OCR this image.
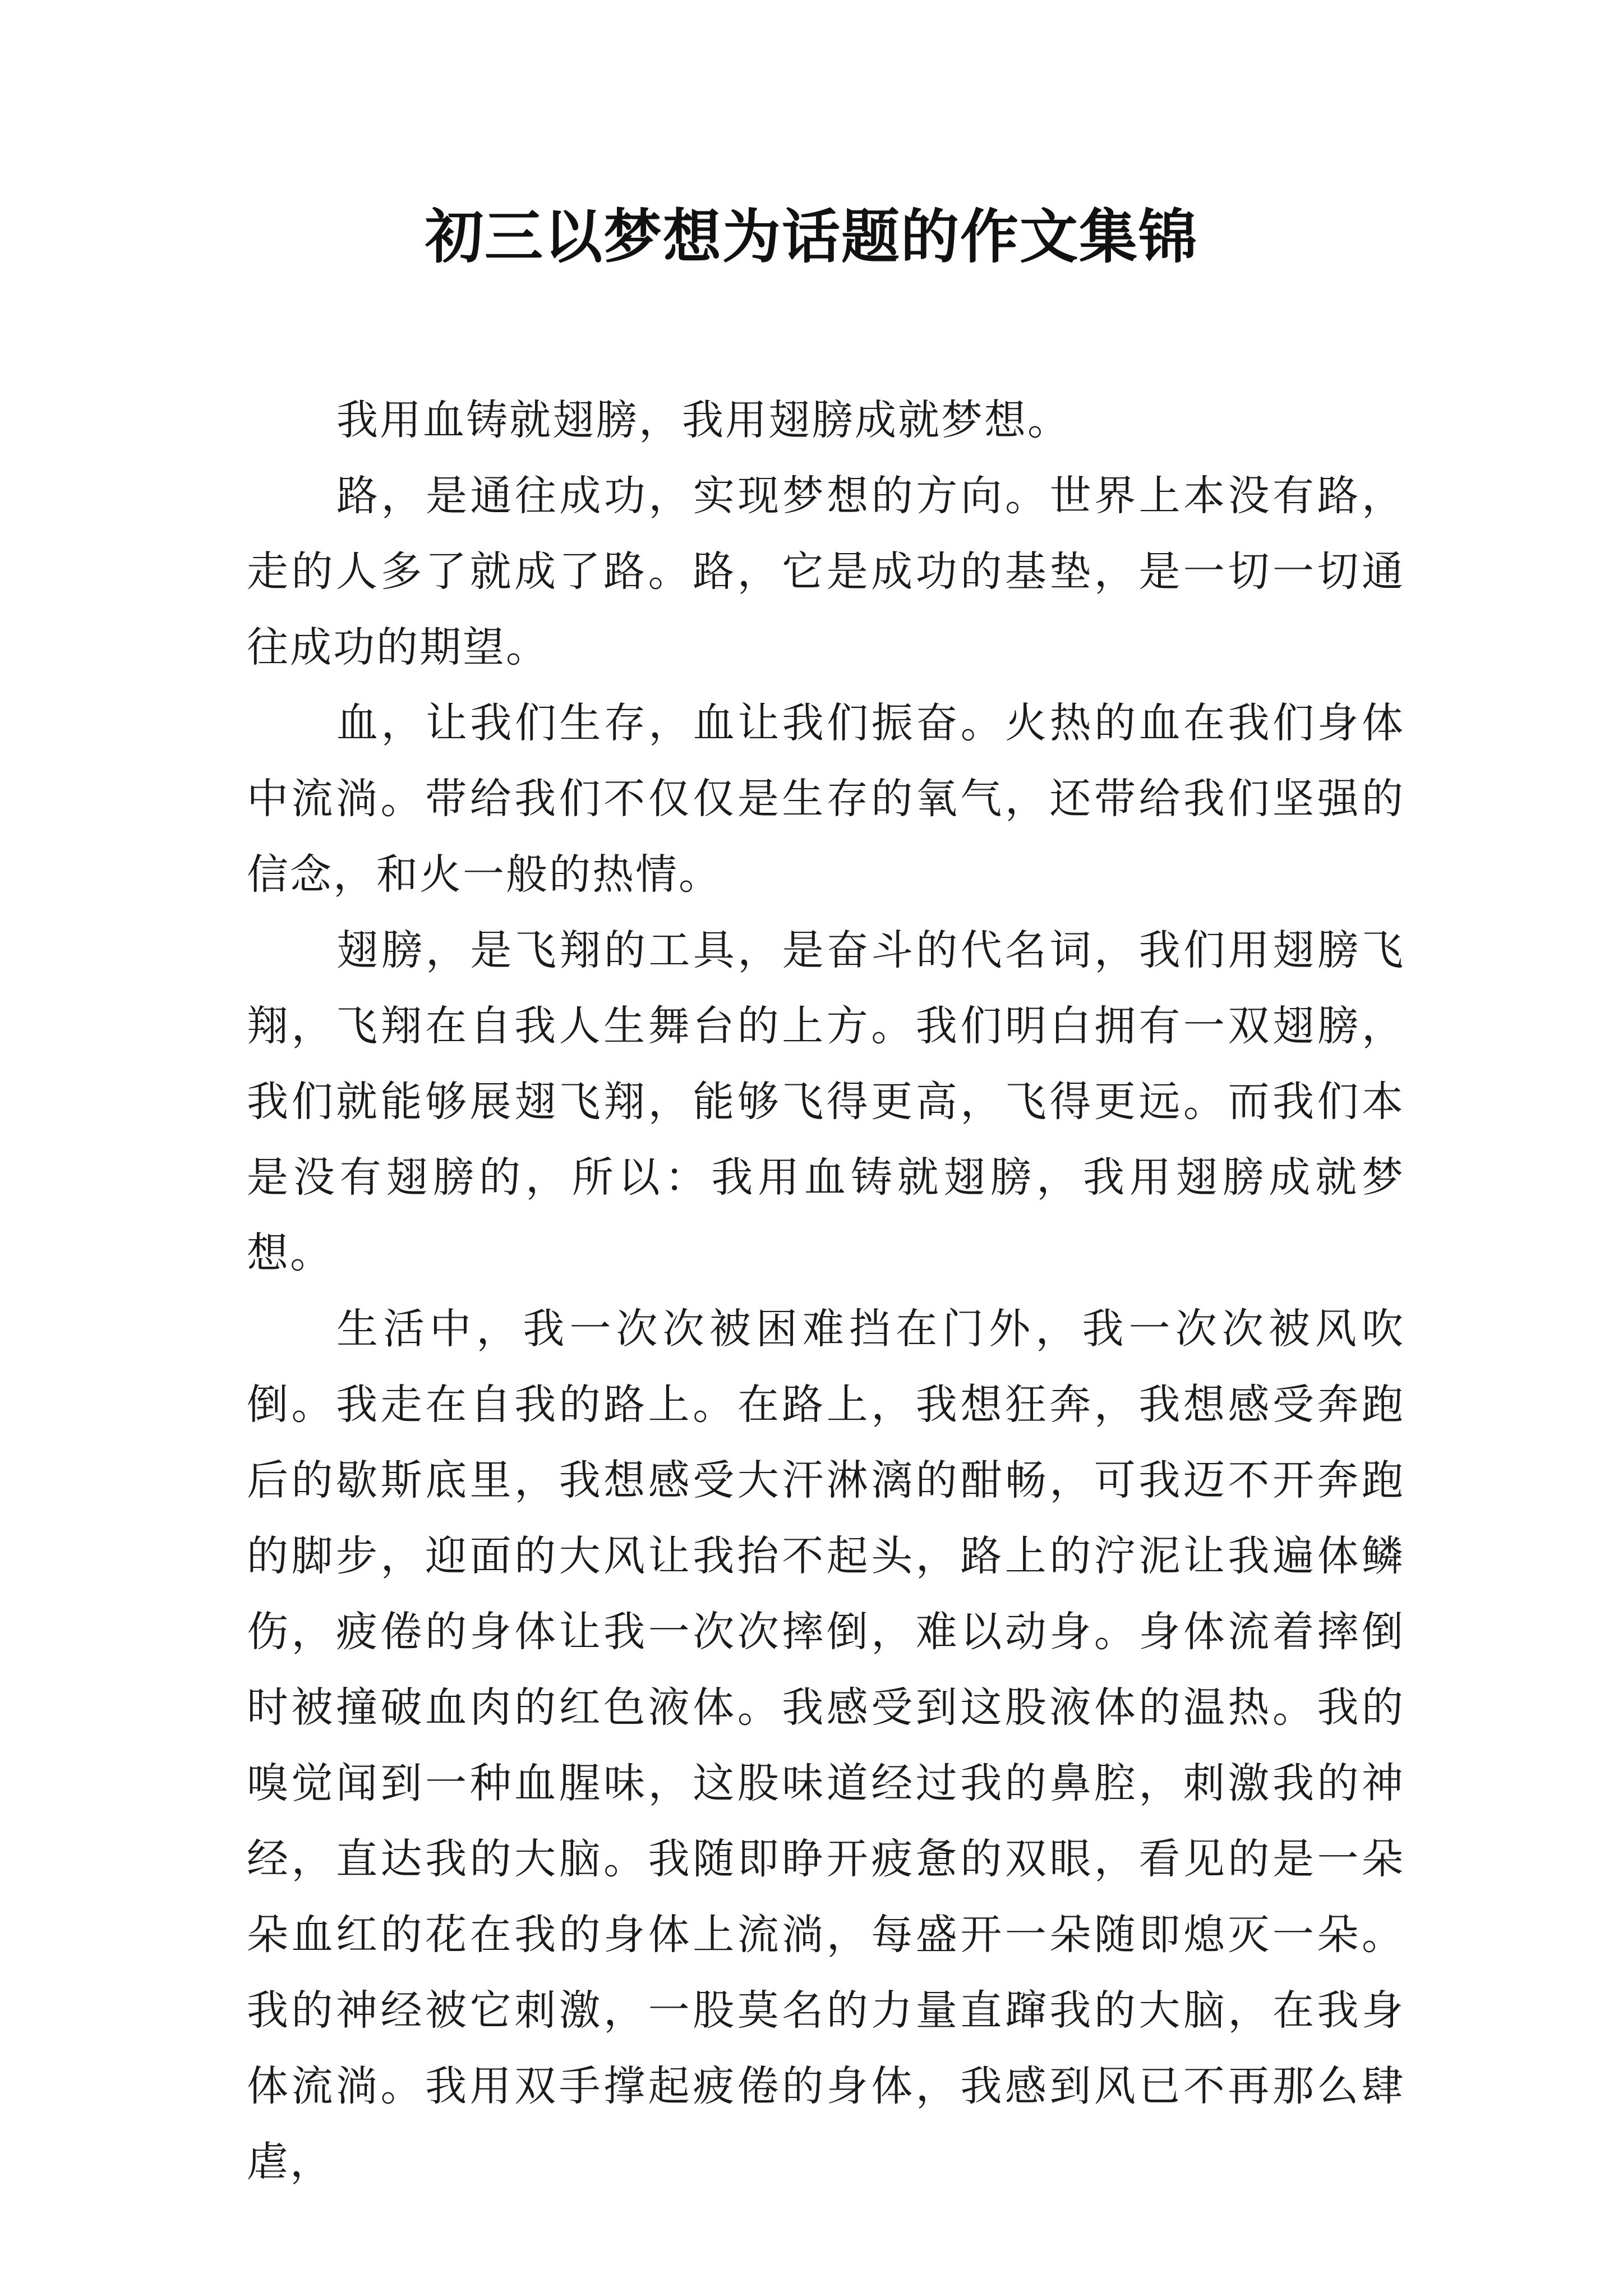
初三以梦想为话题的作文集锦

我用血铸就翅膀，我用翅膀成就梦想。

路，是通往成功，实现梦想的方向。世界上本没有路，走的人多了就成了路。路，它是成功的基垫，是一切一切通往成功的期望。

血，让我们生存，血让我们振奋。火热的血在我们身体中流淌。带给我们不仅仅是生存的氧气，还带给我们坚强的信念，和火一般的热情。

翅膀，是飞翔的工具，是奋斗的代名词，我们用翅膀飞翔，飞翔在自我人生舞台的上方。我们明白拥有一双翅膀，我们就能够展翅飞翔，能够飞得更高，飞得更远。而我们本是没有翅膀的，所以：我用血铸就翅膀，我用翅膀成就梦想。

生活中，我一次次被困难挡在门外，我一次次被风吹倒。我走在自我的路上。在路上，我想狂奔，我想感受奔跑后的歇斯底里，我想感受大汗淋漓的酣畅，可我迈不开奔跑的脚步，迎面的大风让我抬不起头，路上的泞泥让我遍体鳞伤，疲倦的身体让我一次次摔倒，难以动身。身体流着摔倒时被撞破血肉的红色液体。我感受到这股液体的温热。我的嗅觉闻到一种血腥味，这股味道经过我的鼻腔，刺激我的神经，直达我的大脑。我随即睁开疲惫的双眼，看见的是一朵朵血红的花在我的身体上流淌，每盛开一朵随即熄灭一朵。我的神经被它刺激，一股莫名的力量直蹿我的大脑，在我身体流淌。我用双手撑起疲倦的身体，我感到风已不再那么肆虐，
